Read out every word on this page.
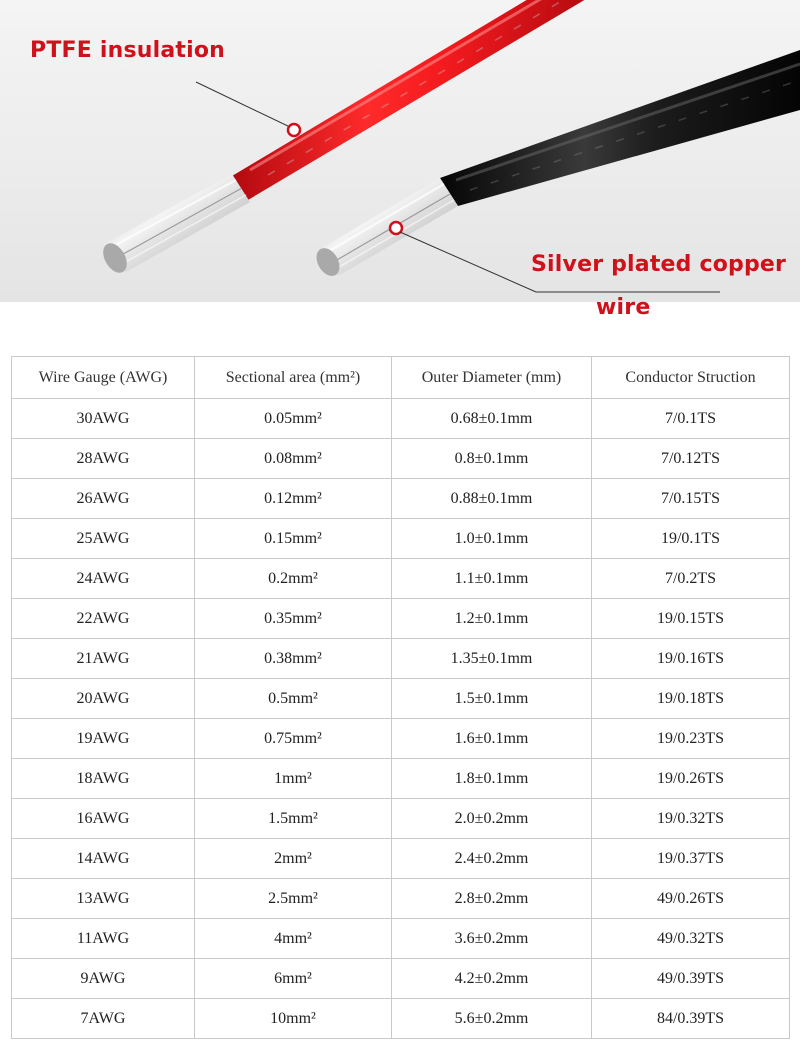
PTFE insulation
Silver plated copper
wire
Wire Gauge (AWG)	Sectional area (mm²)	Outer Diameter (mm)	Conductor Struction
30AWG	0.05mm²	0.68±0.1mm	7/0.1TS
28AWG	0.08mm²	0.8±0.1mm	7/0.12TS
26AWG	0.12mm²	0.88±0.1mm	7/0.15TS
25AWG	0.15mm²	1.0±0.1mm	19/0.1TS
24AWG	0.2mm²	1.1±0.1mm	7/0.2TS
22AWG	0.35mm²	1.2±0.1mm	19/0.15TS
21AWG	0.38mm²	1.35±0.1mm	19/0.16TS
20AWG	0.5mm²	1.5±0.1mm	19/0.18TS
19AWG	0.75mm²	1.6±0.1mm	19/0.23TS
18AWG	1mm²	1.8±0.1mm	19/0.26TS
16AWG	1.5mm²	2.0±0.2mm	19/0.32TS
14AWG	2mm²	2.4±0.2mm	19/0.37TS
13AWG	2.5mm²	2.8±0.2mm	49/0.26TS
11AWG	4mm²	3.6±0.2mm	49/0.32TS
9AWG	6mm²	4.2±0.2mm	49/0.39TS
7AWG	10mm²	5.6±0.2mm	84/0.39TS
